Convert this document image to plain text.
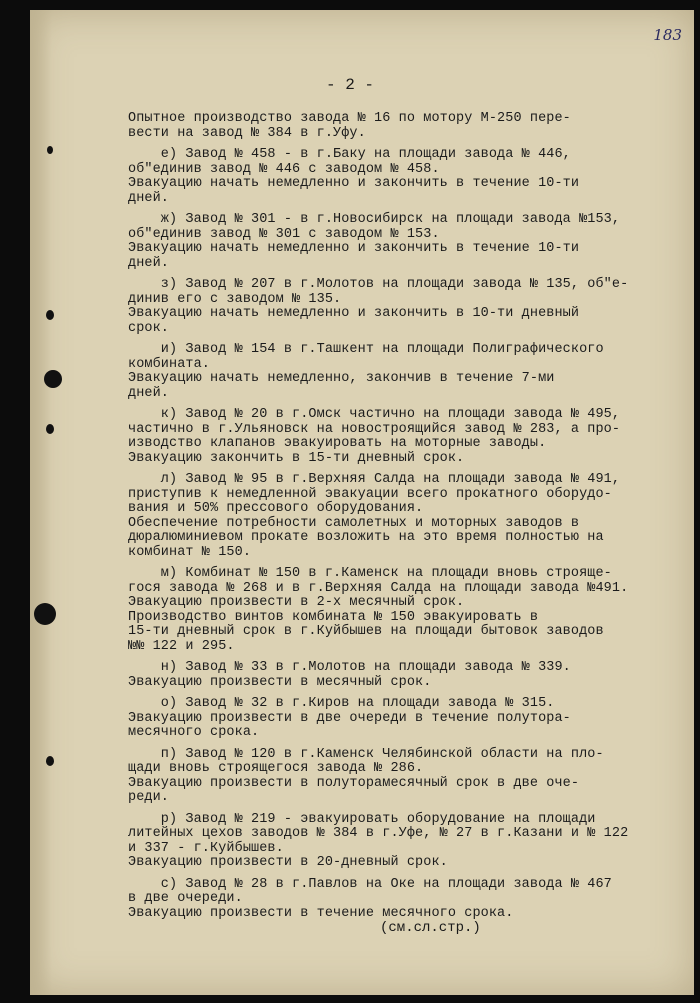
183
- 2 -
Опытное производство завода № 16 по мотору М-250 пере-
вести на завод № 384 в г.Уфу.
е) Завод № 458 - в г.Баку на площади завода № 446,
об"единив завод № 446 с заводом № 458.
Эвакуацию начать немедленно и закончить в течение 10-ти
дней.
ж) Завод № 301 - в г.Новосибирск на площади завода №153,
об"единив завод № 301 с заводом № 153.
Эвакуацию начать немедленно и закончить в течение 10-ти
дней.
з) Завод № 207 в г.Молотов на площади завода № 135, об"е-
динив его с заводом № 135.
Эвакуацию начать немедленно и закончить в 10-ти дневный
срок.
и) Завод № 154 в г.Ташкент на площади Полиграфического
комбината.
Эвакуацию начать немедленно, закончив в течение 7-ми
дней.
к) Завод № 20 в г.Омск частично на площади завода № 495,
частично в г.Ульяновск на новостроящийся завод № 283, а про-
изводство клапанов эвакуировать на моторные заводы.
Эвакуацию закончить в 15-ти дневный срок.
л) Завод № 95 в г.Верхняя Салда на площади завода № 491,
приступив к немедленной эвакуации всего прокатного оборудо-
вания и 50% прессового оборудования.
Обеспечение потребности самолетных и моторных заводов в
дюралюминиевом прокате возложить на это время полностью на
комбинат № 150.
м) Комбинат № 150 в г.Каменск на площади вновь строяще-
гося завода № 268 и в г.Верхняя Салда на площади завода №491.
Эвакуацию произвести в 2-х месячный срок.
Производство винтов комбината № 150 эвакуировать в
15-ти дневный срок в г.Куйбышев на площади бытовок заводов
№№ 122 и 295.
н) Завод № 33 в г.Молотов на площади завода № 339.
Эвакуацию произвести в месячный срок.
о) Завод № 32 в г.Киров на площади завода № 315.
Эвакуацию произвести в две очереди в течение полутора-
месячного срока.
п) Завод № 120 в г.Каменск Челябинской области на пло-
щади вновь строящегося завода № 286.
Эвакуацию произвести в полуторамесячный срок в две оче-
реди.
р) Завод № 219 - эвакуировать оборудование на площади
литейных цехов заводов № 384 в г.Уфе, № 27 в г.Казани и № 122
и 337 - г.Куйбышев.
Эвакуацию произвести в 20-дневный срок.
с) Завод № 28 в г.Павлов на Оке на площади завода № 467
в две очереди.
Эвакуацию произвести в течение месячного срока.
(см.сл.стр.)
